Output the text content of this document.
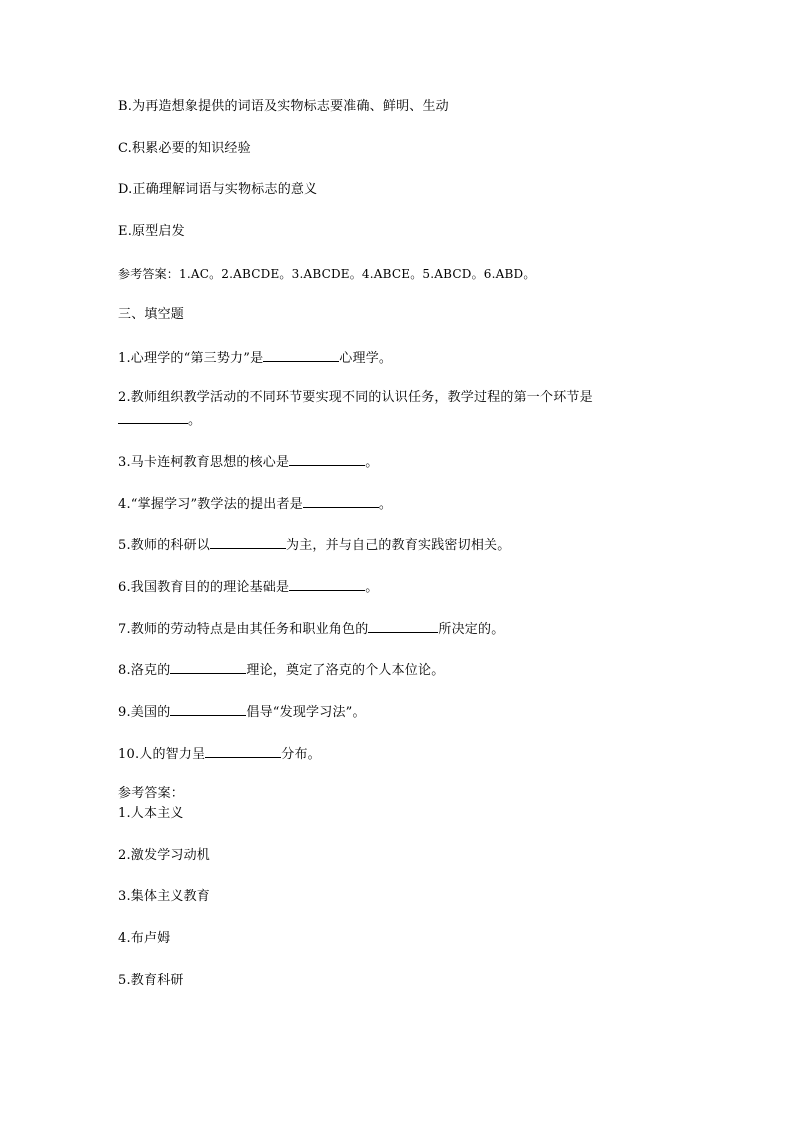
B.为再造想象提供的词语及实物标志要准确、鲜明、生动
C.积累必要的知识经验
D.正确理解词语与实物标志的意义
E.原型启发
参考答案：1.AC。2.ABCDE。3.ABCDE。4.ABCE。5.ABCD。6.ABD。
三、填空题
1.心理学的“第三势力”是	心理学。
2.教师组织教学活动的不同环节要实现不同的认识任务，教学过程的第一个环节是
。
3.马卡连柯教育思想的核心是	。
4.“掌握学习”教学法的提出者是	。
5.教师的科研以	为主，并与自己的教育实践密切相关。
6.我国教育目的的理论基础是	。
7.教师的劳动特点是由其任务和职业角色的	所决定的。
8.洛克的	理论，奠定了洛克的个人本位论。
9.美国的	倡导“发现学习法”。
10.人的智力呈	分布。
参考答案：
1.人本主义
2.激发学习动机
3.集体主义教育
4.布卢姆
5.教育科研
